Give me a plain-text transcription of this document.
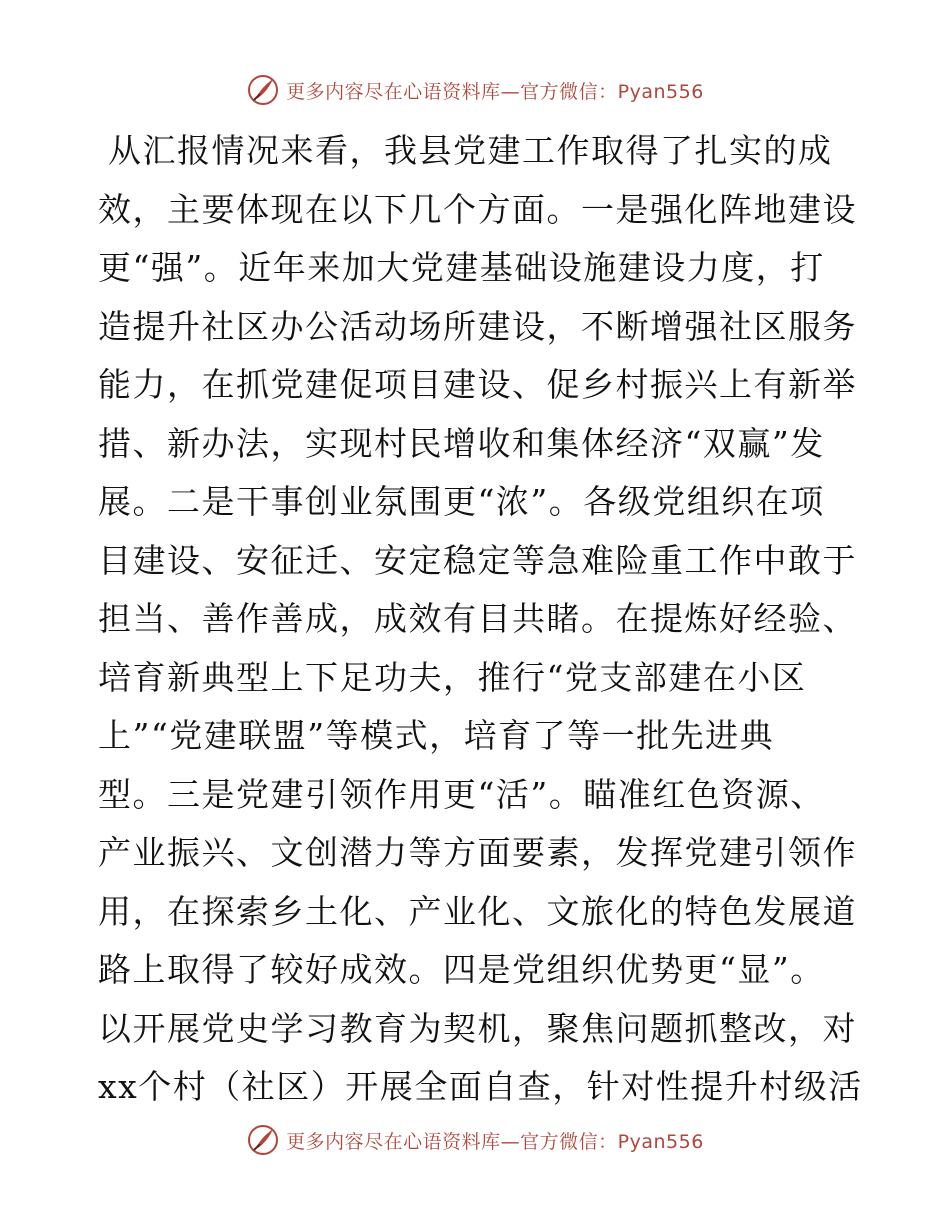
更多内容尽在心语资料库—官方微信：Pyan556
从汇报情况来看，我县党建工作取得了扎实的成
效，主要体现在以下几个方面。一是强化阵地建设
更“强”。近年来加大党建基础设施建设力度，打
造提升社区办公活动场所建设，不断增强社区服务
能力，在抓党建促项目建设、促乡村振兴上有新举
措、新办法，实现村民增收和集体经济“双赢”发
展。二是干事创业氛围更“浓”。各级党组织在项
目建设、安征迁、安定稳定等急难险重工作中敢于
担当、善作善成，成效有目共睹。在提炼好经验、
培育新典型上下足功夫，推行“党支部建在小区
上”“党建联盟”等模式，培育了等一批先进典
型。三是党建引领作用更“活”。瞄准红色资源、
产业振兴、文创潜力等方面要素，发挥党建引领作
用，在探索乡土化、产业化、文旅化的特色发展道
路上取得了较好成效。四是党组织优势更“显”。
以开展党史学习教育为契机，聚焦问题抓整改，对
xx个村（社区）开展全面自查，针对性提升村级活
更多内容尽在心语资料库—官方微信：Pyan556
